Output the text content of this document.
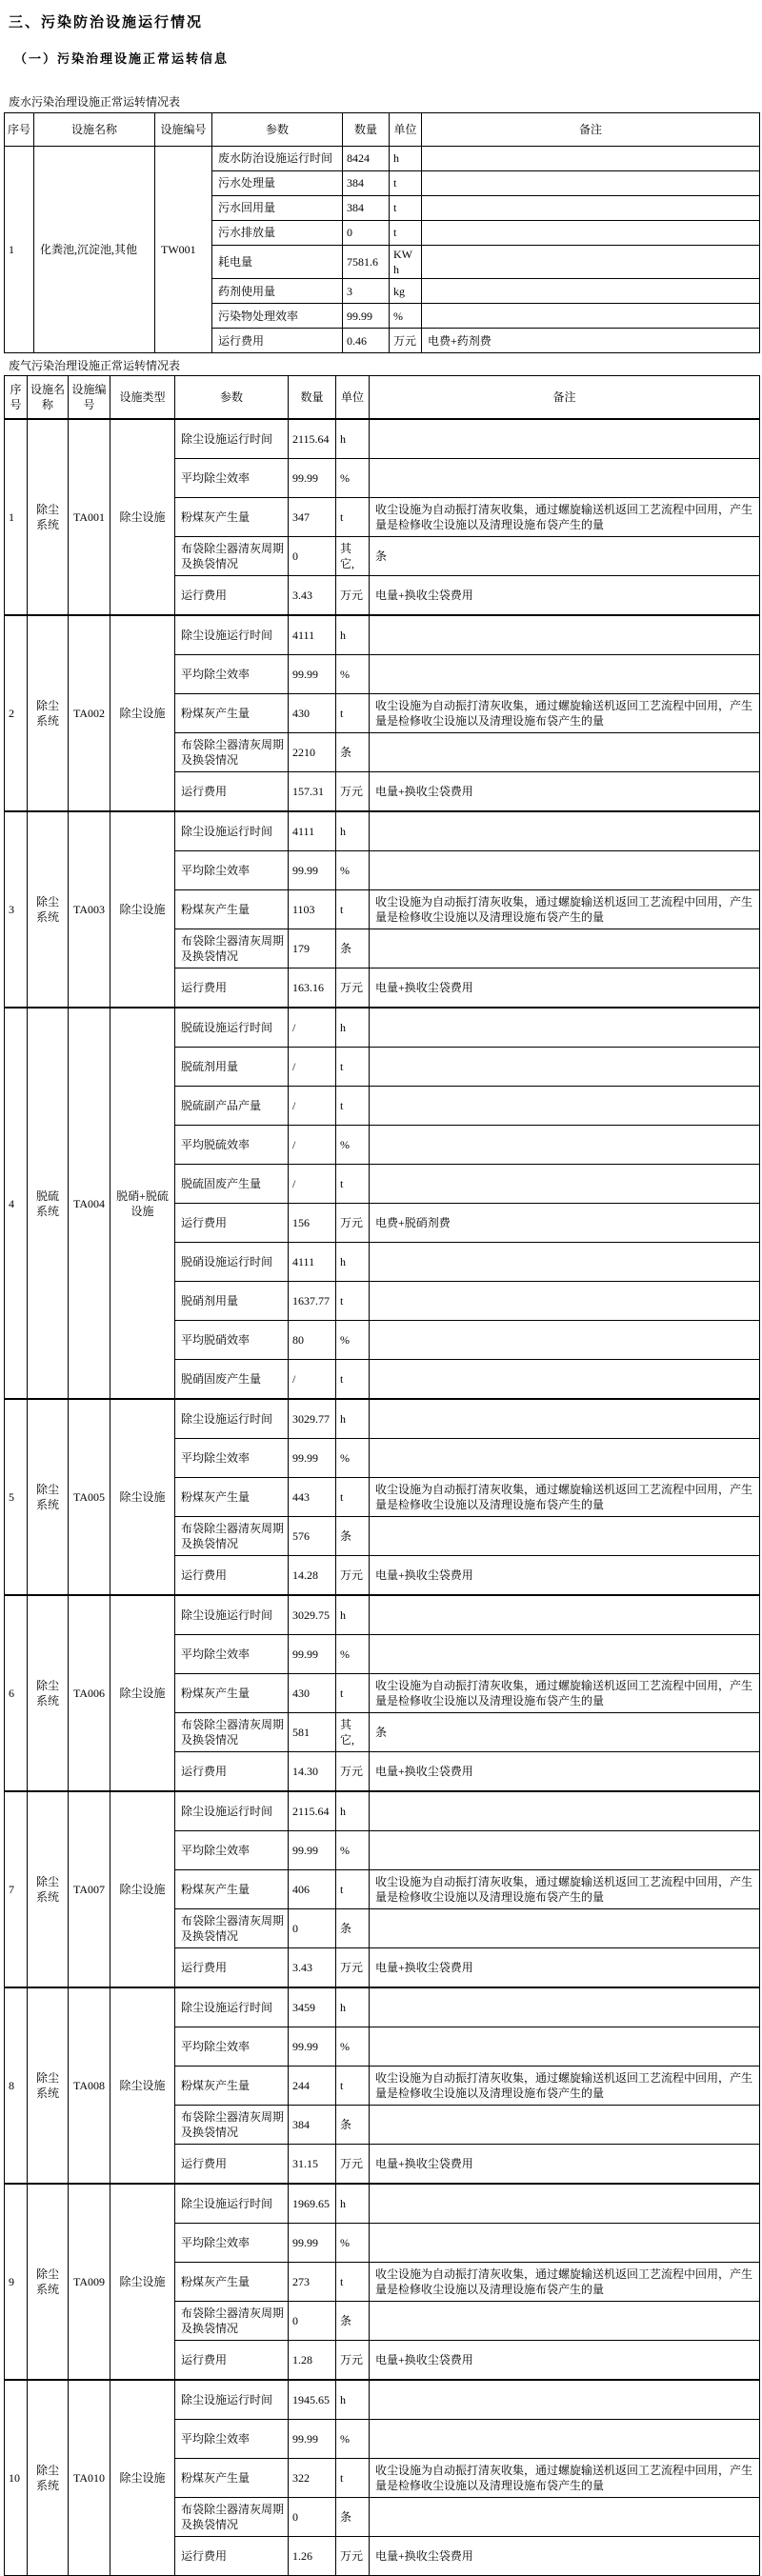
三、污染防治设施运行情况
（一）污染治理设施正常运转信息
废水污染治理设施正常运转情况表
序号	设施名称	设施编号	参数	数量	单位	备注
1	化粪池,沉淀池,其他	TW001	废水防治设施运行时间	8424	h	
			污水处理量	384	t	
			污水回用量	384	t	
			污水排放量	0	t	
			耗电量	7581.6	KWh	
			药剂使用量	3	kg	
			污染物处理效率	99.99	%	
			运行费用	0.46	万元	电费+药剂费
废气污染治理设施正常运转情况表
序号	设施名称	设施编号	设施类型	参数	数量	单位	备注
1	除尘系统	TA001	除尘设施	除尘设施运行时间	2115.64	h	
				平均除尘效率	99.99	%	
				粉煤灰产生量	347	t	收尘设施为自动振打清灰收集，通过螺旋输送机返回工艺流程中回用，产生量是检修收尘设施以及清理设施布袋产生的量
				布袋除尘器清灰周期及换袋情况	0	其它,	条
				运行费用	3.43	万元	电量+换收尘袋费用
2	除尘系统	TA002	除尘设施	除尘设施运行时间	4111	h	
				平均除尘效率	99.99	%	
				粉煤灰产生量	430	t	收尘设施为自动振打清灰收集，通过螺旋输送机返回工艺流程中回用，产生量是检修收尘设施以及清理设施布袋产生的量
				布袋除尘器清灰周期及换袋情况	2210	条	
				运行费用	157.31	万元	电量+换收尘袋费用
3	除尘系统	TA003	除尘设施	除尘设施运行时间	4111	h	
				平均除尘效率	99.99	%	
				粉煤灰产生量	1103	t	收尘设施为自动振打清灰收集，通过螺旋输送机返回工艺流程中回用，产生量是检修收尘设施以及清理设施布袋产生的量
				布袋除尘器清灰周期及换袋情况	179	条	
				运行费用	163.16	万元	电量+换收尘袋费用
4	脱硫系统	TA004	脱硝+脱硫设施	脱硫设施运行时间	/	h	
				脱硫剂用量	/	t	
				脱硫副产品产量	/	t	
				平均脱硫效率	/	%	
				脱硫固废产生量	/	t	
				运行费用	156	万元	电费+脱硝剂费
				脱硝设施运行时间	4111	h	
				脱硝剂用量	1637.77	t	
				平均脱硝效率	80	%	
				脱硝固废产生量	/	t	
5	除尘系统	TA005	除尘设施	除尘设施运行时间	3029.77	h	
				平均除尘效率	99.99	%	
				粉煤灰产生量	443	t	收尘设施为自动振打清灰收集，通过螺旋输送机返回工艺流程中回用，产生量是检修收尘设施以及清理设施布袋产生的量
				布袋除尘器清灰周期及换袋情况	576	条	
				运行费用	14.28	万元	电量+换收尘袋费用
6	除尘系统	TA006	除尘设施	除尘设施运行时间	3029.75	h	
				平均除尘效率	99.99	%	
				粉煤灰产生量	430	t	收尘设施为自动振打清灰收集，通过螺旋输送机返回工艺流程中回用，产生量是检修收尘设施以及清理设施布袋产生的量
				布袋除尘器清灰周期及换袋情况	581	其它,	条
				运行费用	14.30	万元	电量+换收尘袋费用
7	除尘系统	TA007	除尘设施	除尘设施运行时间	2115.64	h	
				平均除尘效率	99.99	%	
				粉煤灰产生量	406	t	收尘设施为自动振打清灰收集，通过螺旋输送机返回工艺流程中回用，产生量是检修收尘设施以及清理设施布袋产生的量
				布袋除尘器清灰周期及换袋情况	0	条	
				运行费用	3.43	万元	电量+换收尘袋费用
8	除尘系统	TA008	除尘设施	除尘设施运行时间	3459	h	
				平均除尘效率	99.99	%	
				粉煤灰产生量	244	t	收尘设施为自动振打清灰收集，通过螺旋输送机返回工艺流程中回用，产生量是检修收尘设施以及清理设施布袋产生的量
				布袋除尘器清灰周期及换袋情况	384	条	
				运行费用	31.15	万元	电量+换收尘袋费用
9	除尘系统	TA009	除尘设施	除尘设施运行时间	1969.65	h	
				平均除尘效率	99.99	%	
				粉煤灰产生量	273	t	收尘设施为自动振打清灰收集，通过螺旋输送机返回工艺流程中回用，产生量是检修收尘设施以及清理设施布袋产生的量
				布袋除尘器清灰周期及换袋情况	0	条	
				运行费用	1.28	万元	电量+换收尘袋费用
10	除尘系统	TA010	除尘设施	除尘设施运行时间	1945.65	h	
				平均除尘效率	99.99	%	
				粉煤灰产生量	322	t	收尘设施为自动振打清灰收集，通过螺旋输送机返回工艺流程中回用，产生量是检修收尘设施以及清理设施布袋产生的量
				布袋除尘器清灰周期及换袋情况	0	条	
				运行费用	1.26	万元	电量+换收尘袋费用
